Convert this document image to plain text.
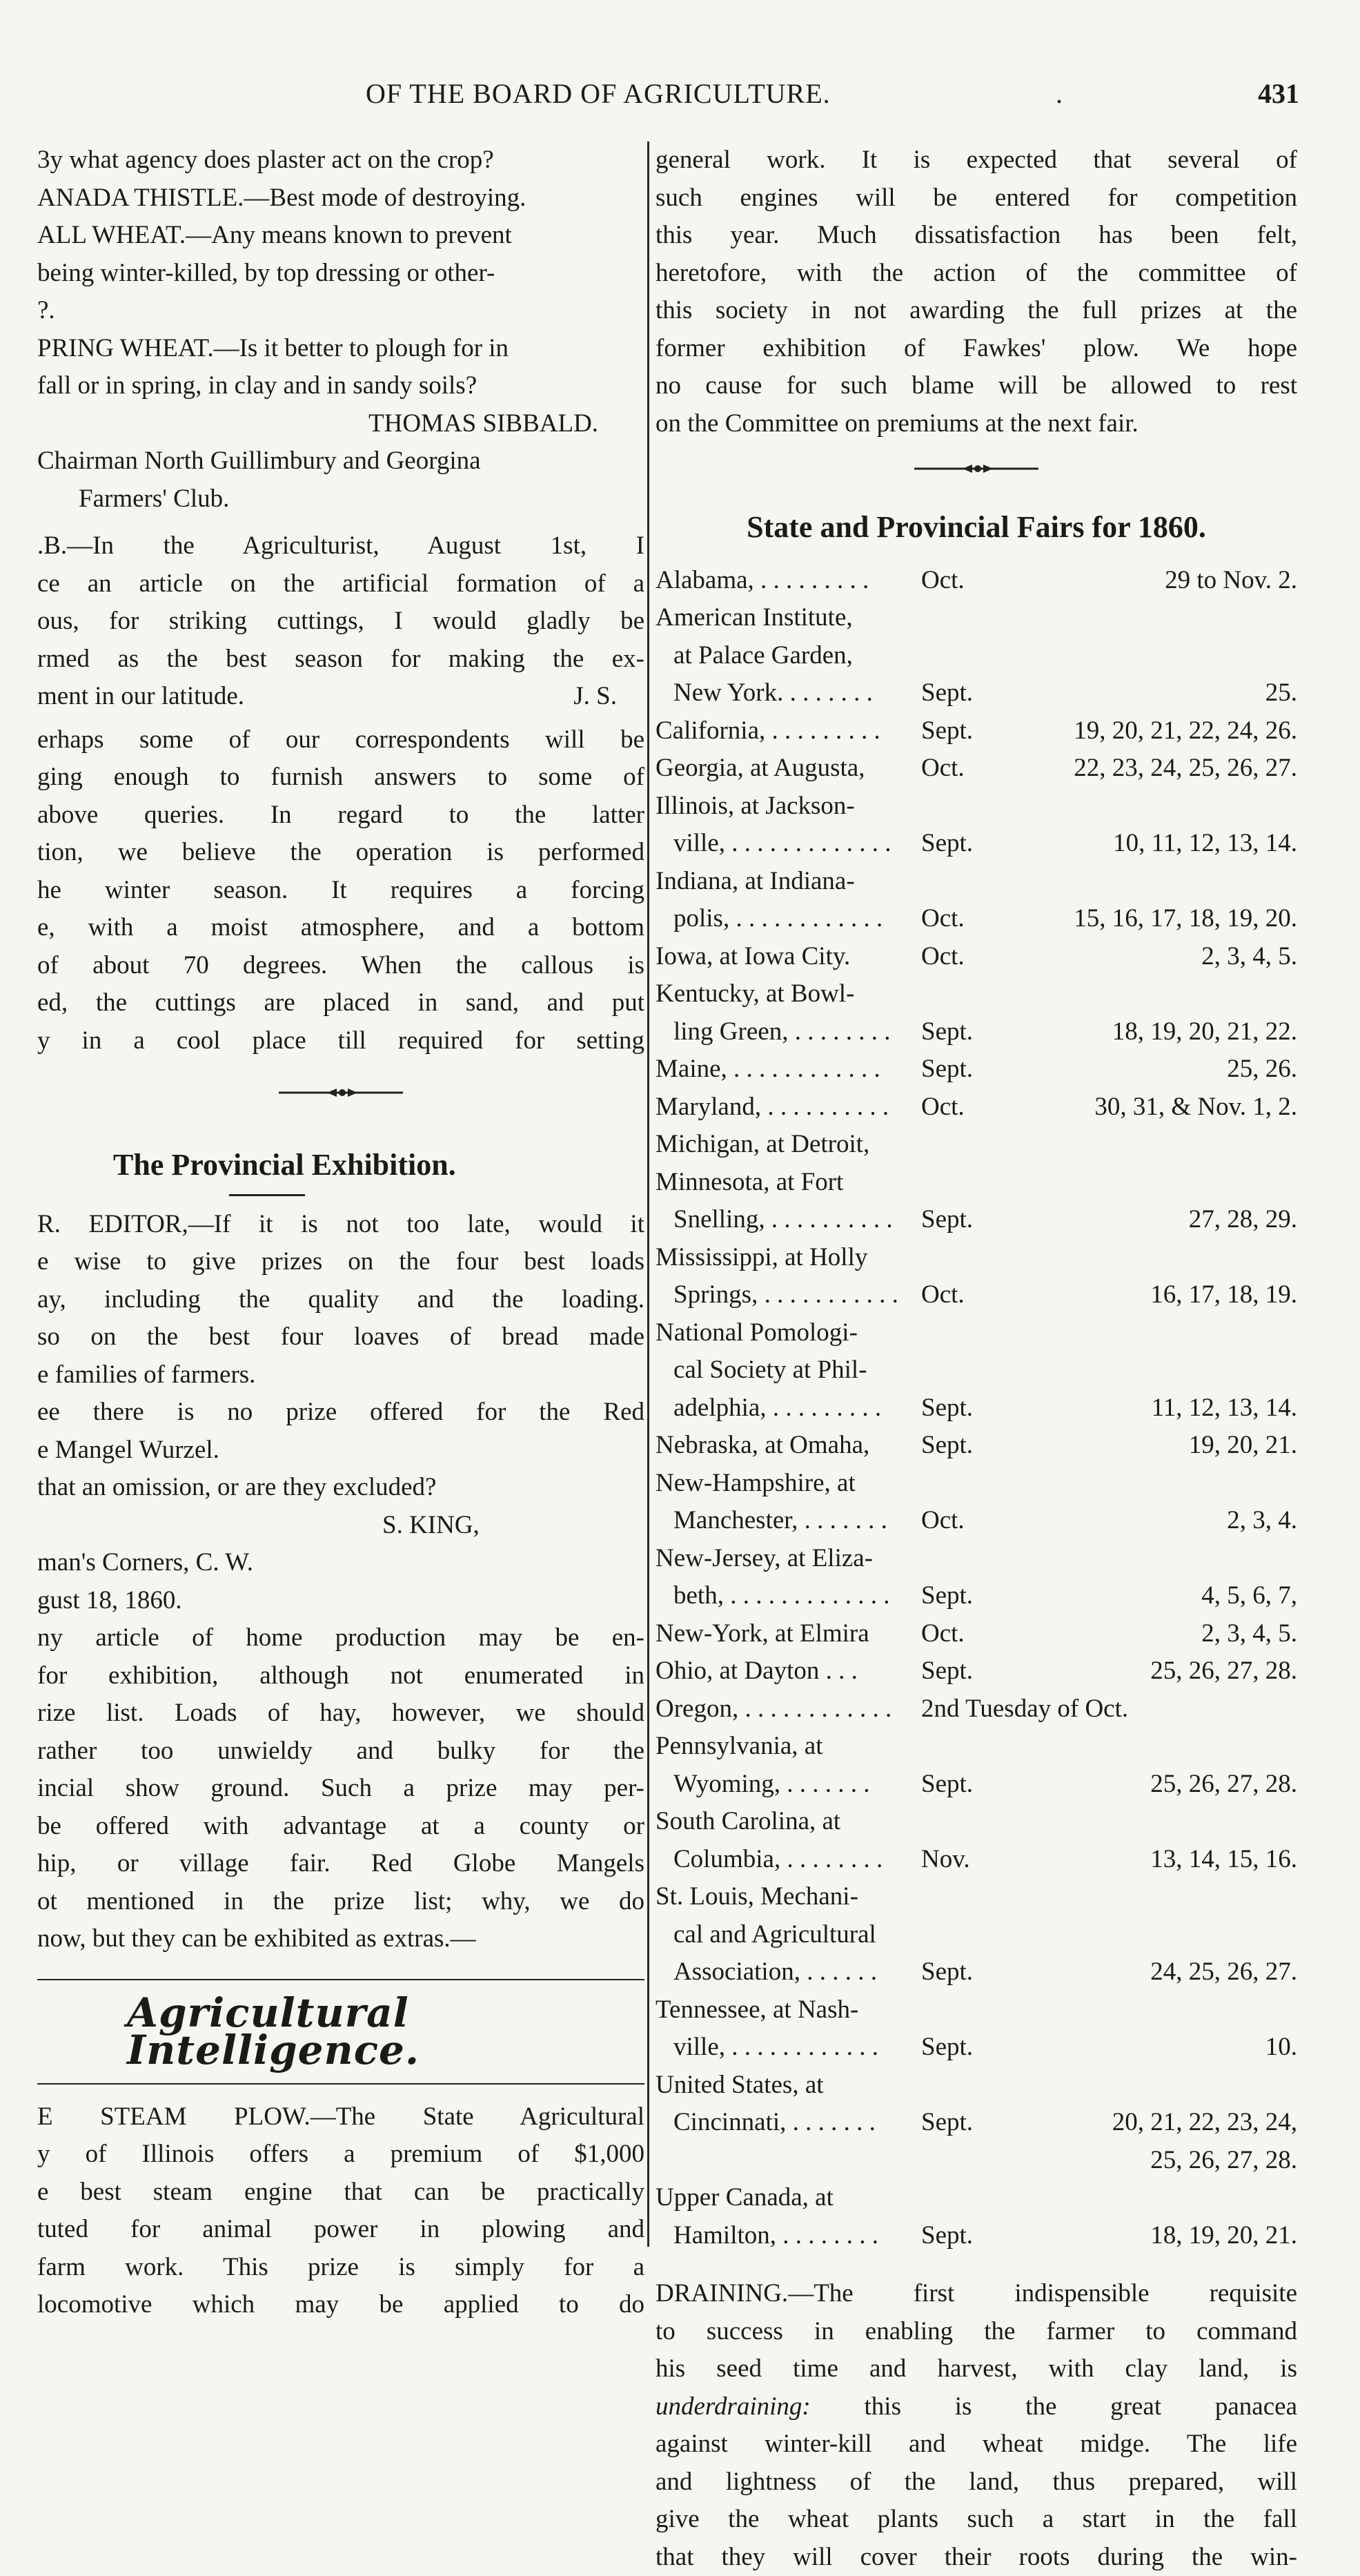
OF THE BOARD OF AGRICULTURE.	.	431
3y what agency does plaster act on the crop?
ANADA THISTLE.—Best mode of destroying.
ALL WHEAT.—Any means known to prevent
being winter-killed, by top dressing or other-
?.
PRING WHEAT.—Is it better to plough for in
fall or in spring, in clay and in sandy soils?
THOMAS SIBBALD.
Chairman North Guillimbury and Georgina
Farmers' Club.
.B.—In the Agriculturist, August 1st, I
ce an article on the artificial formation of a
ous, for striking cuttings, I would gladly be
rmed as the best season for making the ex-
ment in our latitude.	J. S.
erhaps some of our correspondents will be
ging enough to furnish answers to some of
above queries. In regard to the latter
tion, we believe the operation is performed
he winter season. It requires a forcing
e, with a moist atmosphere, and a bottom
of about 70 degrees. When the callous is
ed, the cuttings are placed in sand, and put
y in a cool place till required for setting
The Provincial Exhibition.
R. EDITOR,—If it is not too late, would it
e wise to give prizes on the four best loads
ay, including the quality and the loading.
so on the best four loaves of bread made
e families of farmers.
ee there is no prize offered for the Red
e Mangel Wurzel.
that an omission, or are they excluded?
S. KING,
man's Corners, C. W.
gust 18, 1860.
ny article of home production may be en-
for exhibition, although not enumerated in
rize list. Loads of hay, however, we should
rather too unwieldy and bulky for the
incial show ground. Such a prize may per-
be offered with advantage at a county or
hip, or village fair. Red Globe Mangels
ot mentioned in the prize list; why, we do
now, but they can be exhibited as extras.—
Agricultural Intelligence.
E STEAM PLOW.—The State Agricultural
y of Illinois offers a premium of $1,000
e best steam engine that can be practically
tuted for animal power in plowing and
farm work. This prize is simply for a
locomotive which may be applied to do
general work. It is expected that several of
such engines will be entered for competition
this year. Much dissatisfaction has been felt,
heretofore, with the action of the committee of
this society in not awarding the full prizes at the
former exhibition of Fawkes' plow. We hope
no cause for such blame will be allowed to rest
on the Committee on premiums at the next fair.
State and Provincial Fairs for 1860.
Alabama, . . . . . . . . . Oct.	29 to Nov. 2.
American Institute,
at Palace Garden,
New York. . . . . . . . Sept.	25.
California, . . . . . . . . . Sept.	19, 20, 21, 22, 24, 26.
Georgia, at Augusta, Oct.	22, 23, 24, 25, 26, 27.
Illinois, at Jackson-
ville, . . . . . . . . . . . . . Sept.	10, 11, 12, 13, 14.
Indiana, at Indiana-
polis, . . . . . . . . . . . . Oct.	15, 16, 17, 18, 19, 20.
Iowa, at Iowa City.	Oct.	2, 3, 4, 5.
Kentucky, at Bowl-
ling Green, . . . . . . . . Sept.	18, 19, 20, 21, 22.
Maine, . . . . . . . . . . . . Sept.	25, 26.
Maryland, . . . . . . . . . . Oct.	30, 31, & Nov. 1, 2.
Michigan, at Detroit,
Minnesota, at Fort
Snelling, . . . . . . . . . . Sept.	27, 28, 29.
Mississippi, at Holly
Springs, . . . . . . . . . . . Oct.	16, 17, 18, 19.
National Pomologi-
cal Society at Phil-
adelphia, . . . . . . . . . Sept.	11, 12, 13, 14.
Nebraska, at Omaha, Sept.	19, 20, 21.
New-Hampshire, at
Manchester, . . . . . . . Oct.	2, 3, 4.
New-Jersey, at Eliza-
beth, . . . . . . . . . . . . . Sept.	4, 5, 6, 7,
New-York, at Elmira Oct.	2, 3, 4, 5.
Ohio, at Dayton . . . Sept.	25, 26, 27, 28.
Oregon, . . . . . . . . . . . . 2nd Tuesday of Oct.
Pennsylvania, at
Wyoming, . . . . . . . Sept.	25, 26, 27, 28.
South Carolina, at
Columbia, . . . . . . . . Nov.	13, 14, 15, 16.
St. Louis, Mechani-
cal and Agricultural
Association, . . . . . . Sept.	24, 25, 26, 27.
Tennessee, at Nash-
ville, . . . . . . . . . . . . Sept.	10.
United States, at
Cincinnati, . . . . . . . Sept.	20, 21, 22, 23, 24,
25, 26, 27, 28.
Upper Canada, at
Hamilton, . . . . . . . . Sept.	18, 19, 20, 21.
DRAINING.—The first indispensible requisite
to success in enabling the farmer to command
his seed time and harvest, with clay land, is
underdraining: this is the great panacea
against winter-kill and wheat midge. The life
and lightness of the land, thus prepared, will
give the wheat plants such a start in the fall
that they will cover their roots during the win-
